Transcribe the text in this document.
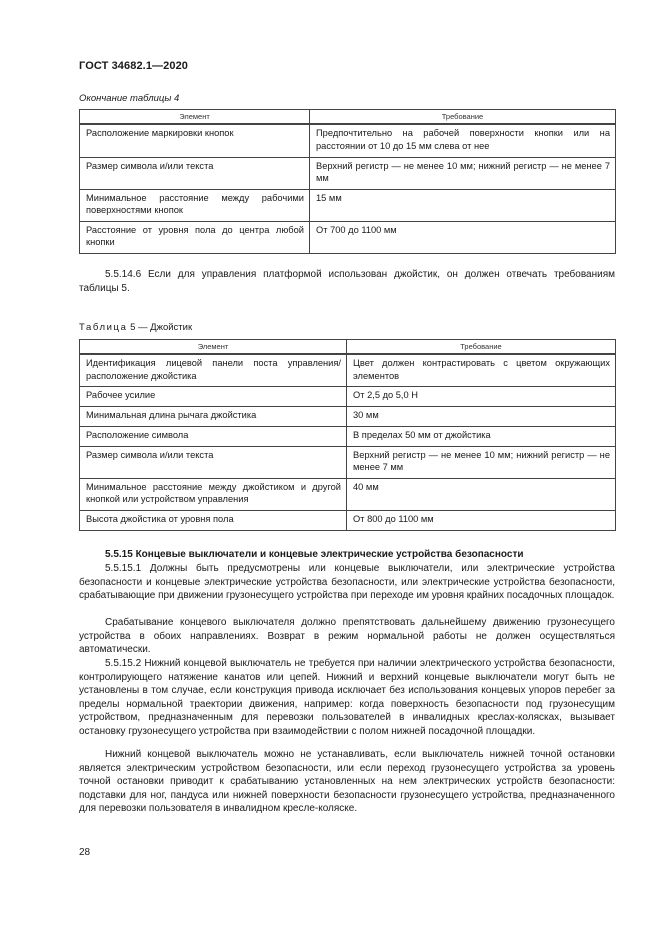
ГОСТ 34682.1—2020
Окончание таблицы 4
Элемент	Требование
Расположение маркировки кнопок	Предпочтительно на рабочей поверхности кнопки или на расстоянии от 10 до 15 мм слева от нее
Размер символа и/или текста	Верхний регистр — не менее 10 мм; нижний регистр — не менее 7 мм
Минимальное расстояние между рабочими поверхностями кнопок	15 мм
Расстояние от уровня пола до центра любой кнопки	От 700 до 1100 мм

5.5.14.6 Если для управления платформой использован джойстик, он должен отвечать требованиям таблицы 5.

Таблица 5 — Джойстик
Элемент	Требование
Идентификация лицевой панели поста управления/ расположение джойстика	Цвет должен контрастировать с цветом окружающих элементов
Рабочее усилие	От 2,5 до 5,0 Н
Минимальная длина рычага джойстика	30 мм
Расположение символа	В пределах 50 мм от джойстика
Размер символа и/или текста	Верхний регистр — не менее 10 мм; нижний регистр — не менее 7 мм
Минимальное расстояние между джойстиком и другой кнопкой или устройством управления	40 мм
Высота джойстика от уровня пола	От 800 до 1100 мм
5.5.15 Концевые выключатели и концевые электрические устройства безопасности

5.5.15.1 Должны быть предусмотрены или концевые выключатели, или электрические устройства безопасности и концевые электрические устройства безопасности, или электрические устройства безопасности, срабатывающие при движении грузонесущего устройства при переходе им уровня крайних посадочных площадок.

Срабатывание концевого выключателя должно препятствовать дальнейшему движению грузонесущего устройства в обоих направлениях. Возврат в режим нормальной работы не должен осуществляться автоматически.

5.5.15.2 Нижний концевой выключатель не требуется при наличии электрического устройства безопасности, контролирующего натяжение канатов или цепей. Нижний и верхний концевые выключатели могут быть не установлены в том случае, если конструкция привода исключает без использования концевых упоров перебег за пределы нормальной траектории движения, например: когда поверхность безопасности под грузонесущим устройством, предназначенным для перевозки пользователей в инвалидных креслах-колясках, вызывает остановку грузонесущего устройства при взаимодействии с полом нижней посадочной площадки.

Нижний концевой выключатель можно не устанавливать, если выключатель нижней точной остановки является электрическим устройством безопасности, или если переход грузонесущего устройства за уровень точной остановки приводит к срабатыванию установленных на нем электрических устройств безопасности: подставки для ног, пандуса или нижней поверхности безопасности грузонесущего устройства, предназначенного для перевозки пользователя в инвалидном кресле-коляске.

28
